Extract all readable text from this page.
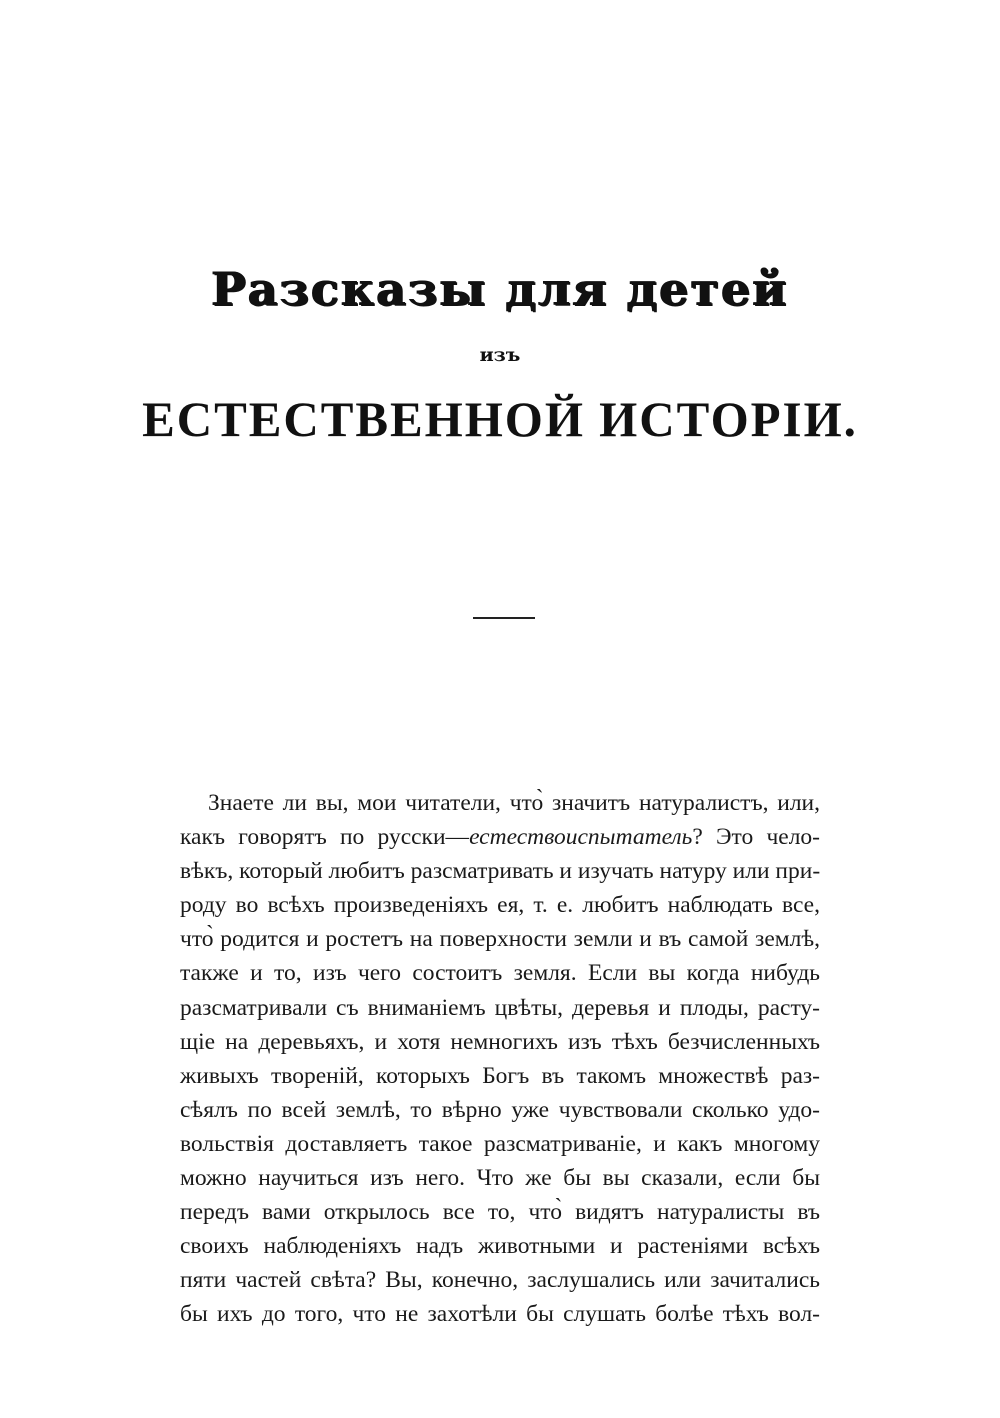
Разсказы для детей
изъ
ЕСТЕСТВЕННОЙ ИСТОРІИ.
Знаете ли вы, мои читатели, что̀ значитъ натуралистъ, или,
какъ говорятъ по русски—естествоиспытатель? Это чело-
вѣкъ, который любитъ разсматривать и изучать натуру или при-
роду во всѣхъ произведеніяхъ ея, т. е. любитъ наблюдать все,
что̀ родится и ростетъ на поверхности земли и въ самой землѣ,
также и то, изъ чего состоитъ земля. Если вы когда нибудь
разсматривали съ вниманіемъ цвѣты, деревья и плоды, расту-
щіе на деревьяхъ, и хотя немногихъ изъ тѣхъ безчисленныхъ
живыхъ твореній, которыхъ Богъ въ такомъ множествѣ раз-
сѣялъ по всей землѣ, то вѣрно уже чувствовали сколько удо-
вольствія доставляетъ такое разсматриваніе, и какъ многому
можно научиться изъ него. Что же бы вы сказали, если бы
передъ вами открылось все то, что̀ видятъ натуралисты въ
своихъ наблюденіяхъ надъ животными и растеніями всѣхъ
пяти частей свѣта? Вы, конечно, заслушались или зачитались
бы ихъ до того, что не захотѣли бы слушать болѣе тѣхъ вол-
